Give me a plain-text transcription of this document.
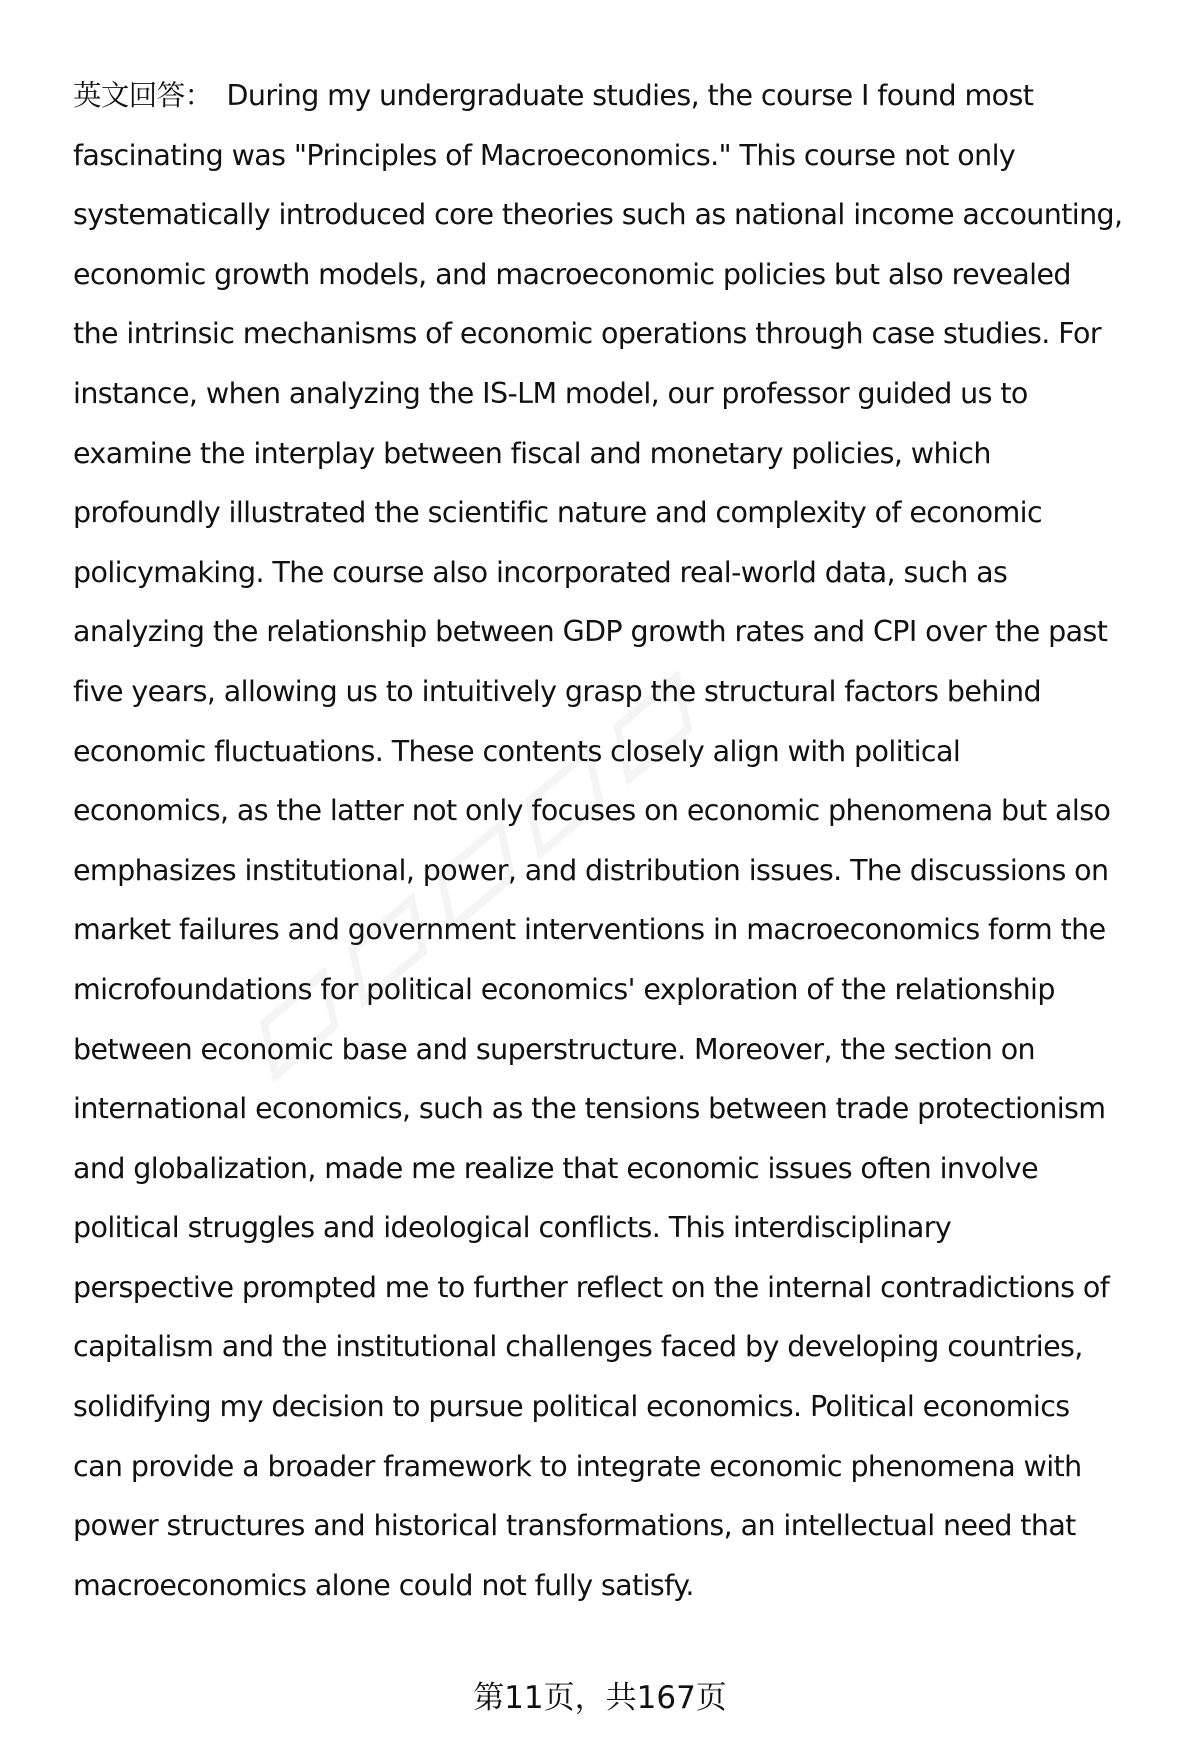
英文回答： During my undergraduate studies, the course I found most
fascinating was "Principles of Macroeconomics." This course not only
systematically introduced core theories such as national income accounting,
economic growth models, and macroeconomic policies but also revealed
the intrinsic mechanisms of economic operations through case studies. For
instance, when analyzing the IS-LM model, our professor guided us to
examine the interplay between fiscal and monetary policies, which
profoundly illustrated the scientific nature and complexity of economic
policymaking. The course also incorporated real-world data, such as
analyzing the relationship between GDP growth rates and CPI over the past
five years, allowing us to intuitively grasp the structural factors behind
economic fluctuations. These contents closely align with political
economics, as the latter not only focuses on economic phenomena but also
emphasizes institutional, power, and distribution issues. The discussions on
market failures and government interventions in macroeconomics form the
microfoundations for political economics' exploration of the relationship
between economic base and superstructure. Moreover, the section on
international economics, such as the tensions between trade protectionism
and globalization, made me realize that economic issues often involve
political struggles and ideological conflicts. This interdisciplinary
perspective prompted me to further reflect on the internal contradictions of
capitalism and the institutional challenges faced by developing countries,
solidifying my decision to pursue political economics. Political economics
can provide a broader framework to integrate economic phenomena with
power structures and historical transformations, an intellectual need that
macroeconomics alone could not fully satisfy.
第11页，共167页
